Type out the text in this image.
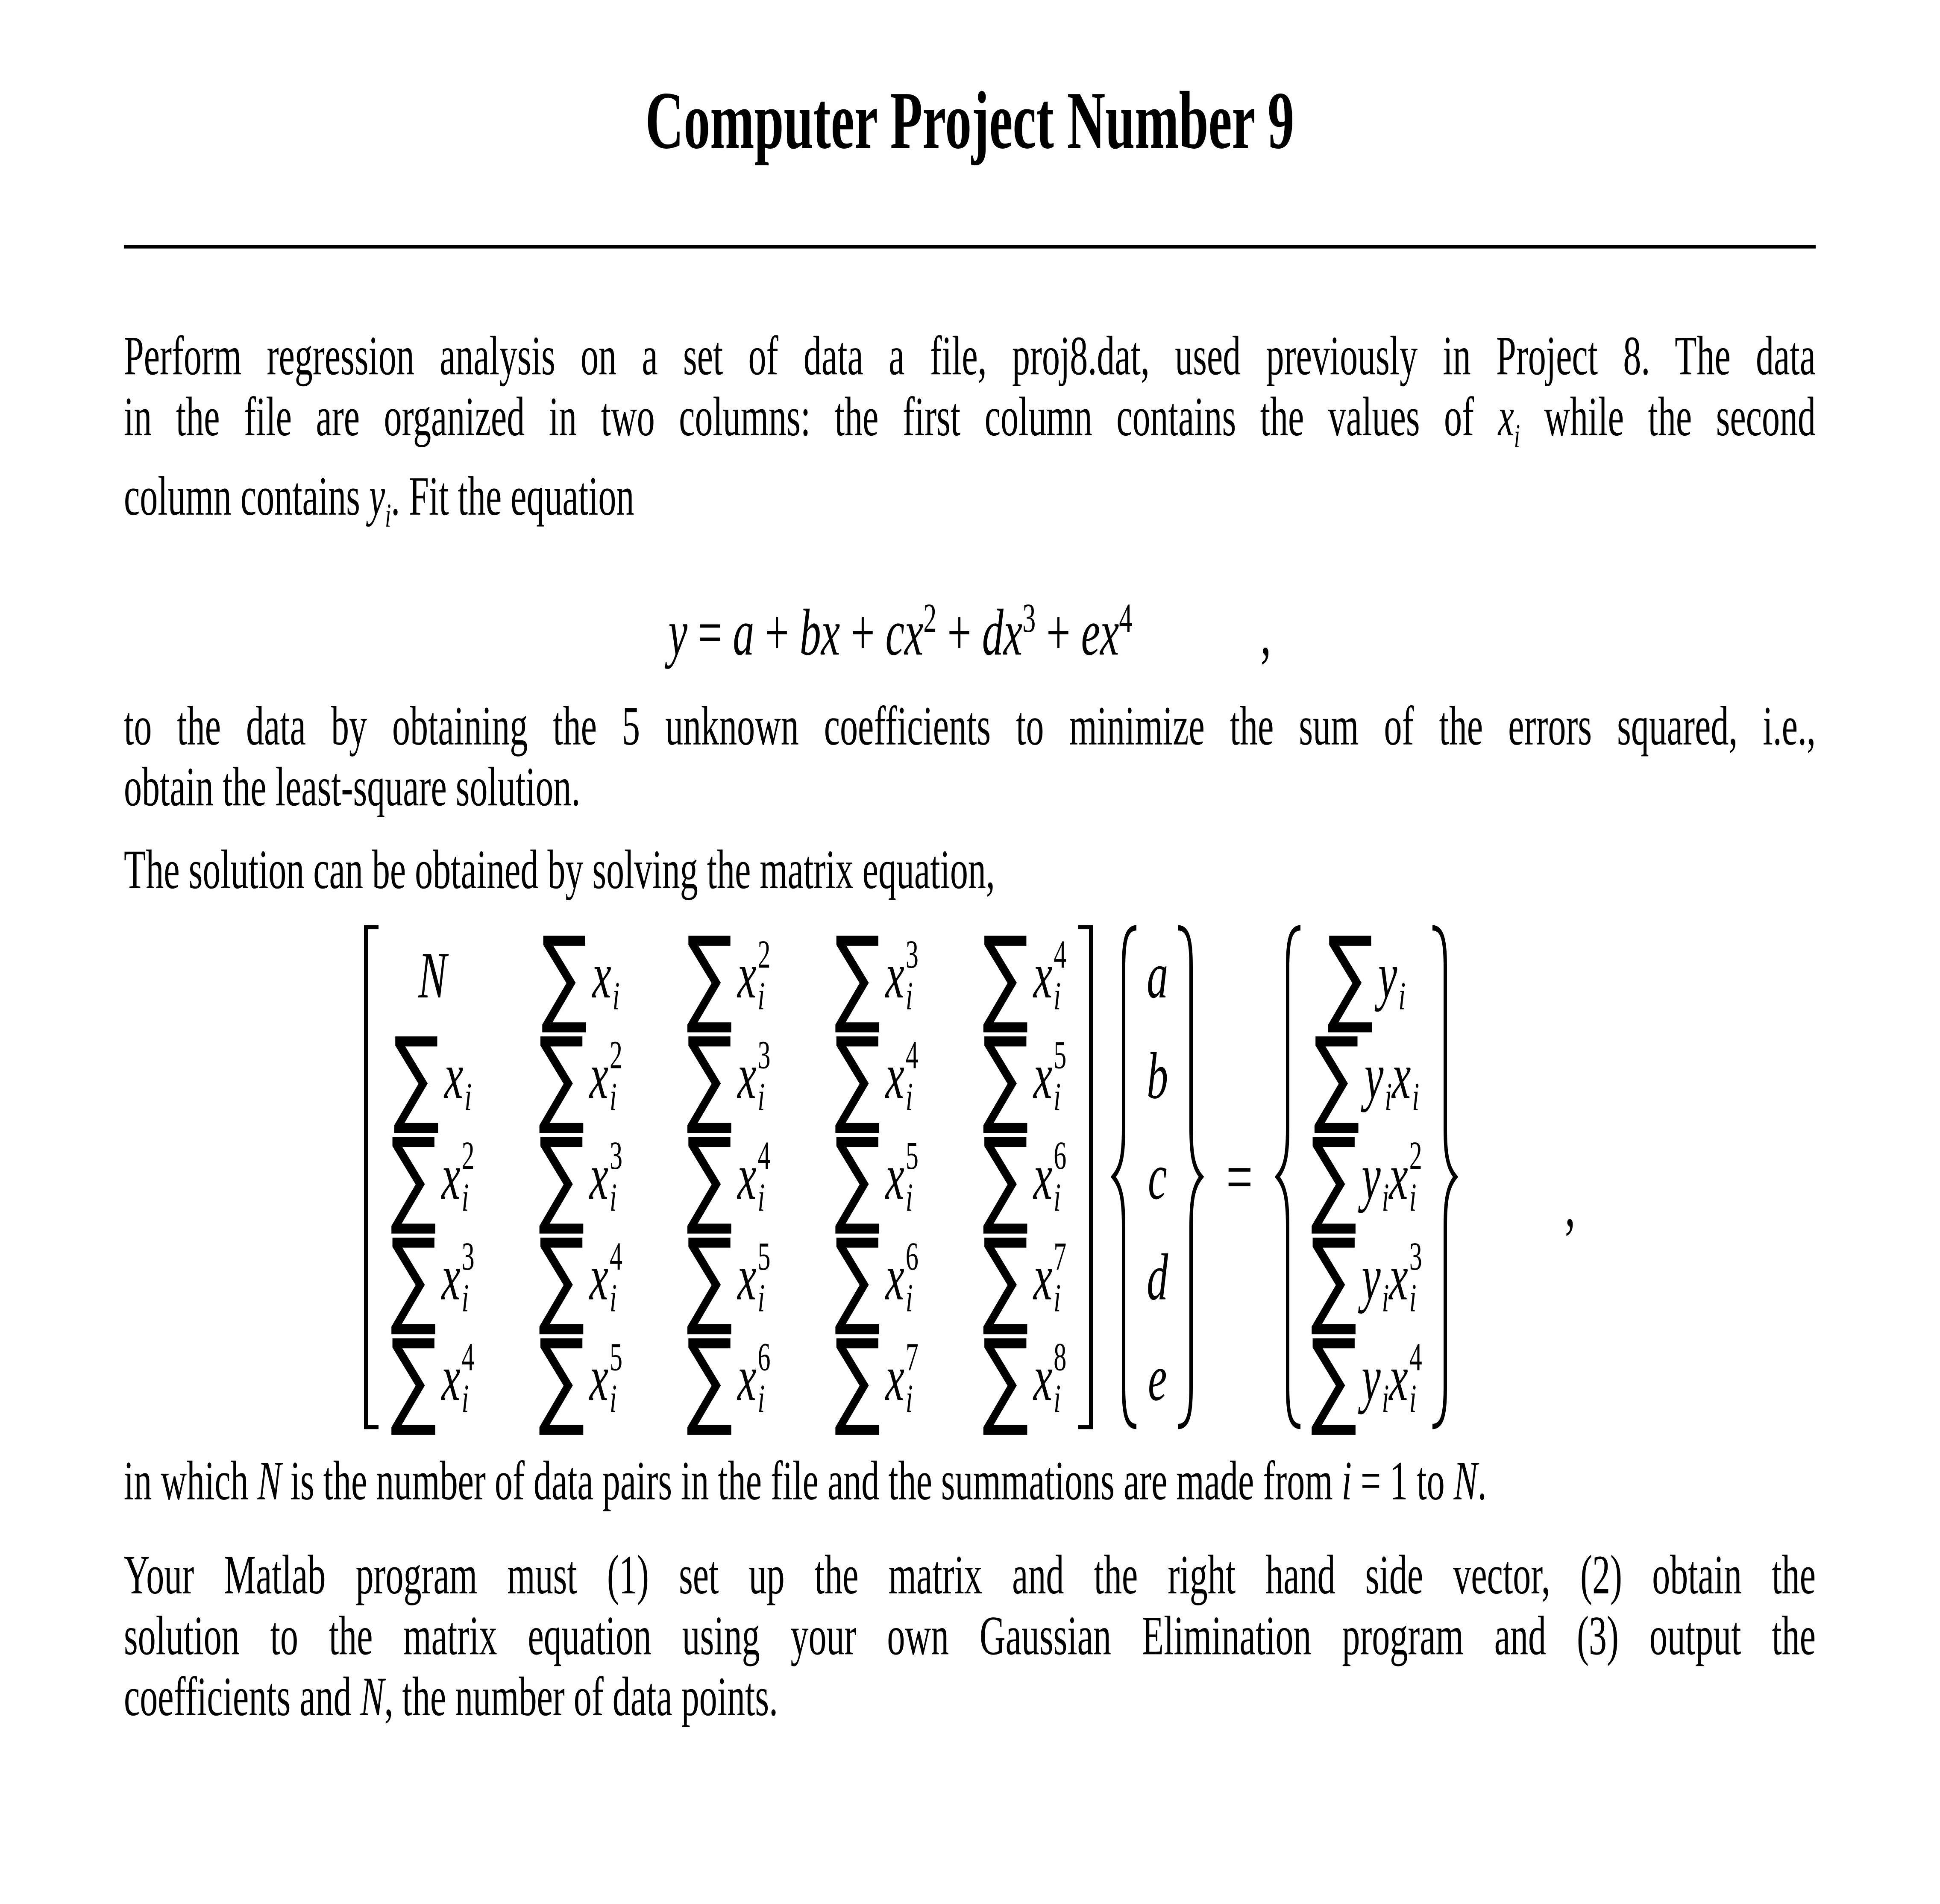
Computer Project Number 9
Perform regression analysis on a set of data a file, proj8.dat, used previously in Project 8. The data
in the file are organized in two columns: the first column contains the values of $x_i$ while the second
column contains $y_i$. Fit the equation
y = a + bx + $cx^2 + dx^3 + ex^4$	,
to the data by obtaining the 5 unknown coefficients to minimize the sum of the errors squared, i.e.,
obtain the least-square solution.
The solution can be obtained by solving the matrix equation,
N ∑ x i ∑ x 2
i ∑ x 3
i ∑ x 4
i
∑ x i ∑ x 2
i ∑ x 3
i ∑ x 4
i ∑ x 5
i
∑ x 2
i ∑ x 3
i ∑ x 4
i ∑ x 5
i ∑ x 6
i
∑ x 3
i ∑ x 4
i ∑ x 5
i ∑ x 6
i ∑ x 7
i
∑ x 4
i ∑ x 5
i ∑ x 6
i ∑ x 7
i ∑ x 8
i
a
b
c
d
e
=
∑ y i
∑ y i x i
∑ y i x 2
i
∑ y i x 3
i
∑ y i x 4
i
,
in which N is the number of data pairs in the file and the summations are made from i = 1 to N.
Your Matlab program must (1) set up the matrix and the right hand side vector, (2) obtain the
solution to the matrix equation using your own Gaussian Elimination program and (3) output the
coefficients and N, the number of data points.
